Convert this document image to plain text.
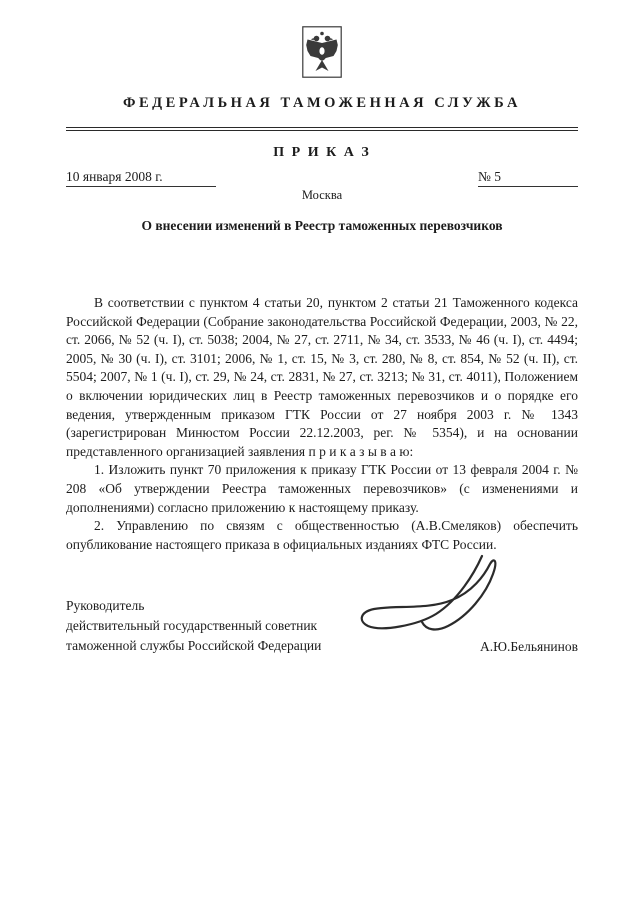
ФЕДЕРАЛЬНАЯ ТАМОЖЕННАЯ СЛУЖБА
П Р И К А З
10 января 2008 г.	№ 5
Москва
О внесении изменений в Реестр таможенных перевозчиков

В соответствии с пунктом 4 статьи 20, пунктом 2 статьи 21 Таможенного кодекса Российской Федерации (Собрание законодательства Российской Федерации, 2003, № 22, ст. 2066, № 52 (ч. I), ст. 5038; 2004, № 27, ст. 2711, № 34, ст. 3533, № 46 (ч. I), ст. 4494; 2005, № 30 (ч. I), ст. 3101; 2006, № 1, ст. 15, № 3, ст. 280, № 8, ст. 854, № 52 (ч. II), ст. 5504; 2007, № 1 (ч. I), ст. 29, № 24, ст. 2831, № 27, ст. 3213; № 31, ст. 4011), Положением о включении юридических лиц в Реестр таможенных перевозчиков и о порядке его ведения, утвержденным приказом ГТК России от 27 ноября 2003 г. № 1343 (зарегистрирован Минюстом России 22.12.2003, рег. № 5354), и на основании представленного организацией заявления п р и к а з ы в а ю:

1. Изложить пункт 70 приложения к приказу ГТК России от 13 февраля 2004 г. № 208 «Об утверждении Реестра таможенных перевозчиков» (с изменениями и дополнениями) согласно приложению к настоящему приказу.

2. Управлению по связям с общественностью (А.В.Смеляков) обеспечить опубликование настоящего приказа в официальных изданиях ФТС России.

Руководитель
действительный государственный советник
таможенной службы Российской Федерации	А.Ю.Бельянинов
